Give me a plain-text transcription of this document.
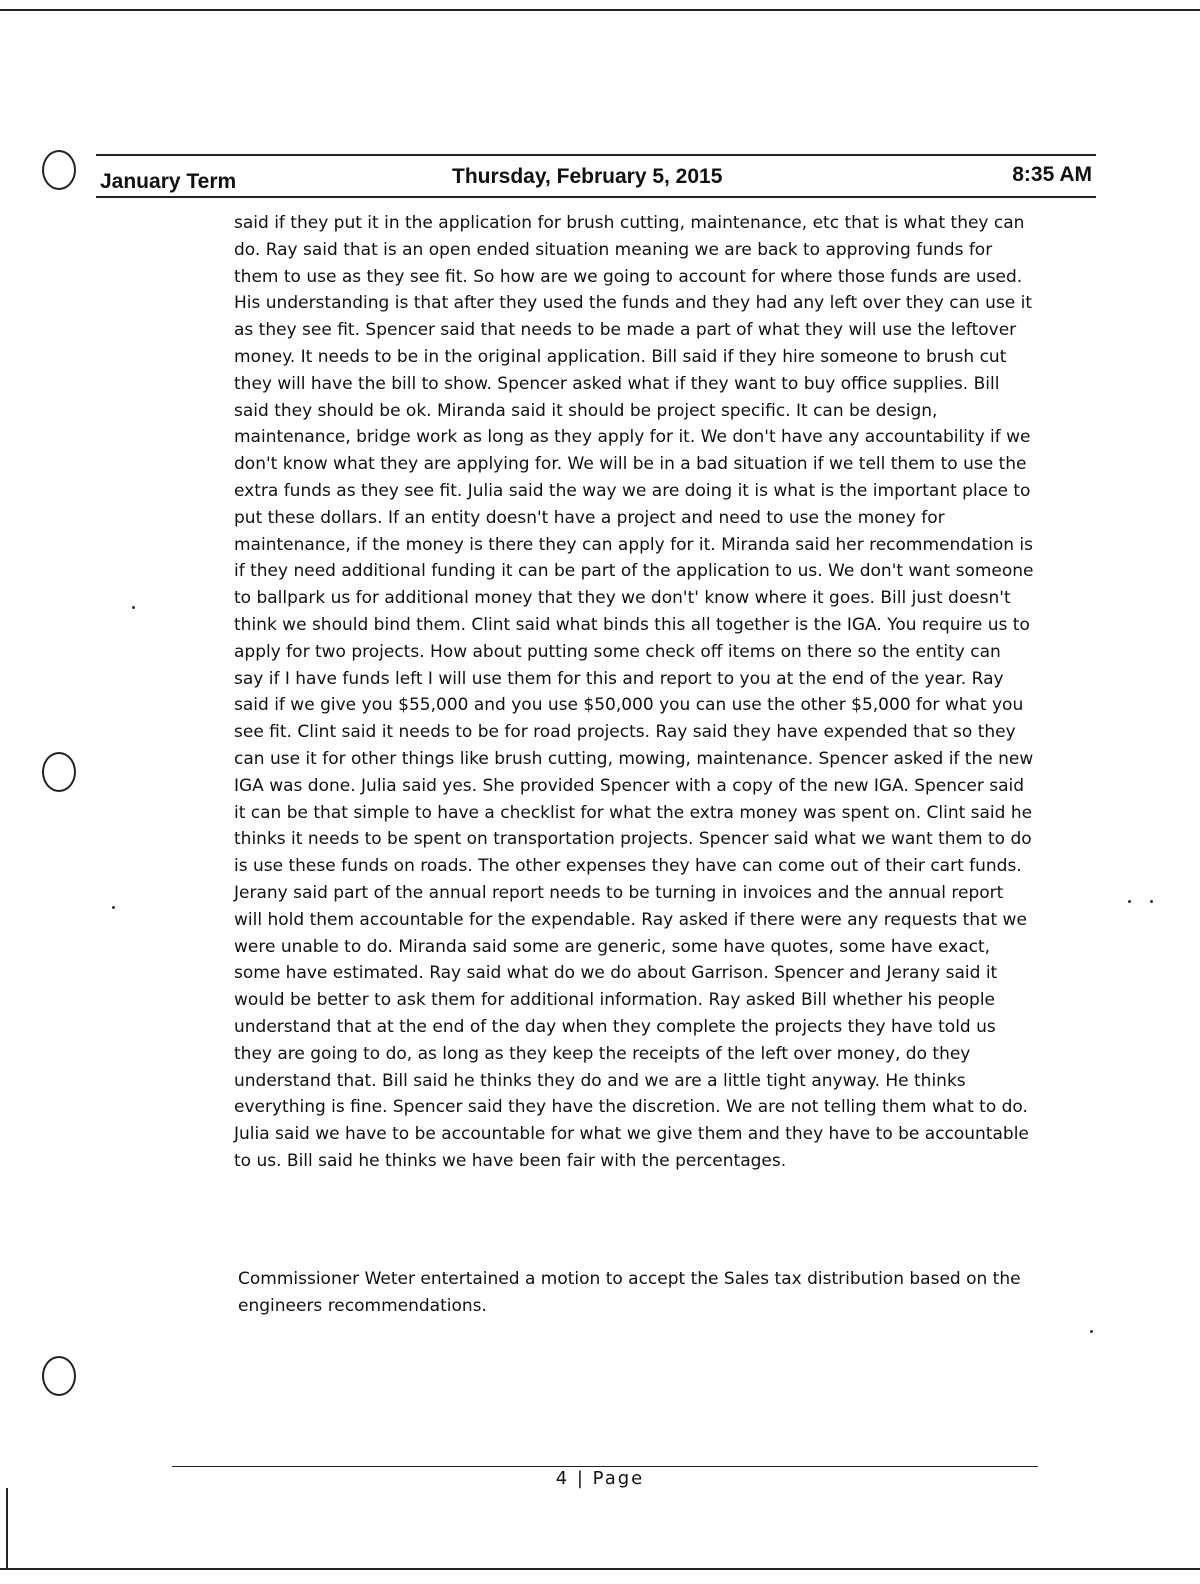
January Term	Thursday, February 5, 2015	8:35 AM

said if they put it in the application for brush cutting, maintenance, etc that is what they can do. Ray said that is an open ended situation meaning we are back to approving funds for them to use as they see fit. So how are we going to account for where those funds are used. His understanding is that after they used the funds and they had any left over they can use it as they see fit. Spencer said that needs to be made a part of what they will use the leftover money. It needs to be in the original application. Bill said if they hire someone to brush cut they will have the bill to show. Spencer asked what if they want to buy office supplies. Bill said they should be ok. Miranda said it should be project specific. It can be design, maintenance, bridge work as long as they apply for it. We don't have any accountability if we don't know what they are applying for. We will be in a bad situation if we tell them to use the extra funds as they see fit. Julia said the way we are doing it is what is the important place to put these dollars. If an entity doesn't have a project and need to use the money for maintenance, if the money is there they can apply for it. Miranda said her recommendation is if they need additional funding it can be part of the application to us. We don't want someone to ballpark us for additional money that they we don't' know where it goes. Bill just doesn't think we should bind them. Clint said what binds this all together is the IGA. You require us to apply for two projects. How about putting some check off items on there so the entity can say if I have funds left I will use them for this and report to you at the end of the year. Ray said if we give you $55,000 and you use $50,000 you can use the other $5,000 for what you see fit. Clint said it needs to be for road projects. Ray said they have expended that so they can use it for other things like brush cutting, mowing, maintenance. Spencer asked if the new IGA was done. Julia said yes. She provided Spencer with a copy of the new IGA. Spencer said it can be that simple to have a checklist for what the extra money was spent on. Clint said he thinks it needs to be spent on transportation projects. Spencer said what we want them to do is use these funds on roads. The other expenses they have can come out of their cart funds. Jerany said part of the annual report needs to be turning in invoices and the annual report will hold them accountable for the expendable. Ray asked if there were any requests that we were unable to do. Miranda said some are generic, some have quotes, some have exact, some have estimated. Ray said what do we do about Garrison. Spencer and Jerany said it would be better to ask them for additional information. Ray asked Bill whether his people understand that at the end of the day when they complete the projects they have told us they are going to do, as long as they keep the receipts of the left over money, do they understand that. Bill said he thinks they do and we are a little tight anyway. He thinks everything is fine. Spencer said they have the discretion. We are not telling them what to do. Julia said we have to be accountable for what we give them and they have to be accountable to us. Bill said he thinks we have been fair with the percentages.

Commissioner Weter entertained a motion to accept the Sales tax distribution based on the engineers recommendations.

4 | Page
